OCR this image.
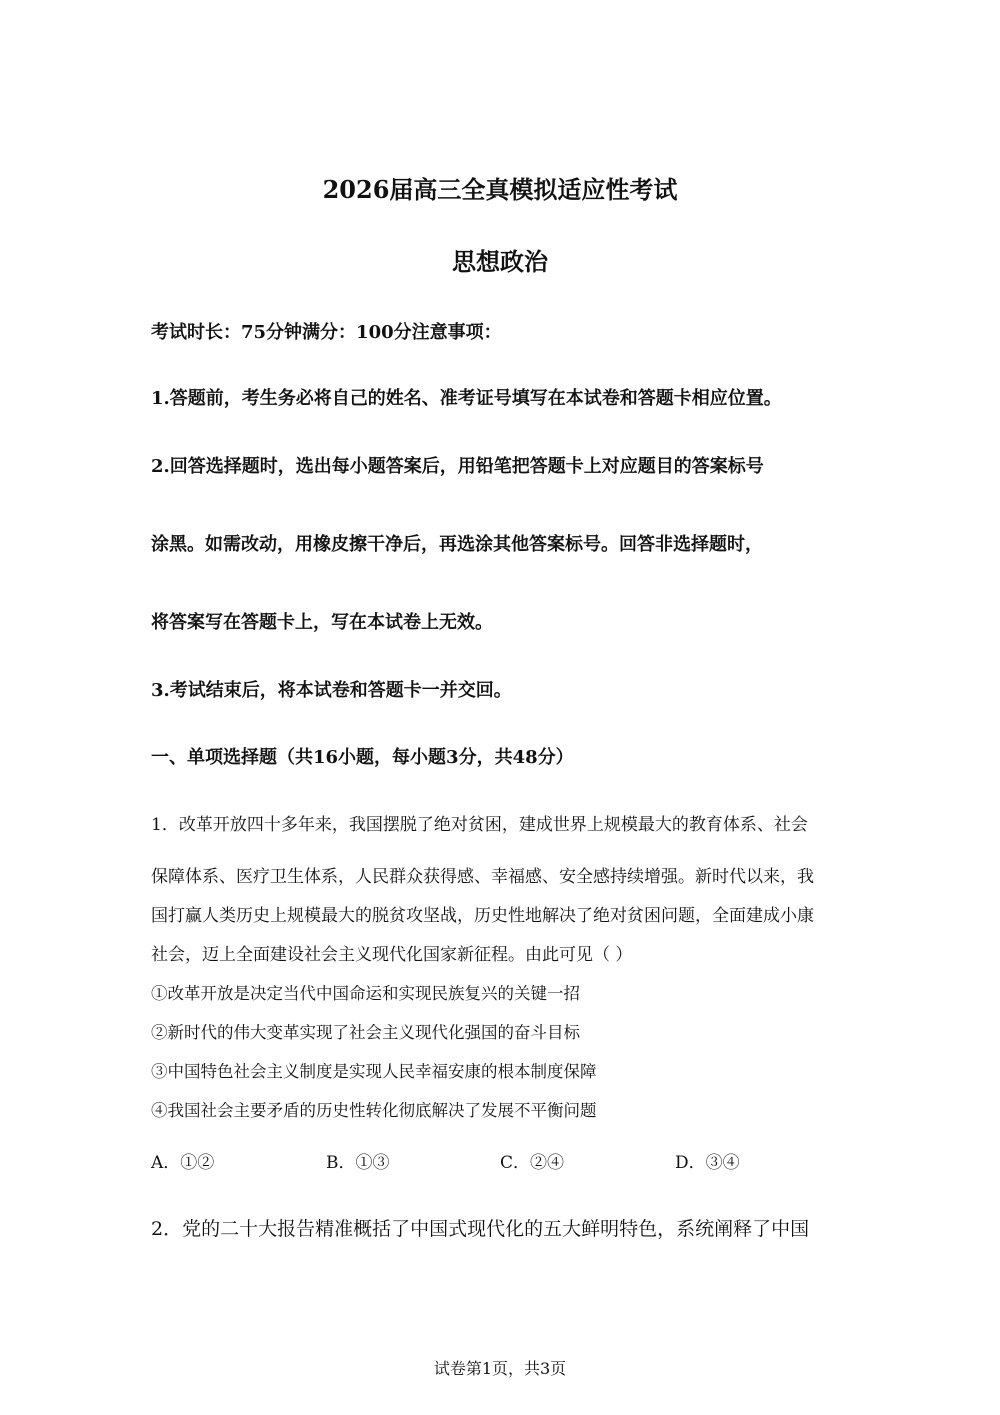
2026届高三全真模拟适应性考试
思想政治
考试时长：75分钟满分：100分注意事项：
1.答题前，考生务必将自己的姓名、准考证号填写在本试卷和答题卡相应位置。
2.回答选择题时，选出每小题答案后，用铅笔把答题卡上对应题目的答案标号
涂黑。如需改动，用橡皮擦干净后，再选涂其他答案标号。回答非选择题时，
将答案写在答题卡上，写在本试卷上无效。
3.考试结束后，将本试卷和答题卡一并交回。
一、单项选择题（共16小题，每小题3分，共48分）
1．改革开放四十多年来，我国摆脱了绝对贫困，建成世界上规模最大的教育体系、社会
保障体系、医疗卫生体系，人民群众获得感、幸福感、安全感持续增强。新时代以来，我
国打赢人类历史上规模最大的脱贫攻坚战，历史性地解决了绝对贫困问题，全面建成小康
社会，迈上全面建设社会主义现代化国家新征程。由此可见（ ）
①改革开放是决定当代中国命运和实现民族复兴的关键一招
②新时代的伟大变革实现了社会主义现代化强国的奋斗目标
③中国特色社会主义制度是实现人民幸福安康的根本制度保障
④我国社会主要矛盾的历史性转化彻底解决了发展不平衡问题
A．①②	B．①③	C．②④	D．③④
2．党的二十大报告精准概括了中国式现代化的五大鲜明特色，系统阐释了中国
试卷第1页，共3页
